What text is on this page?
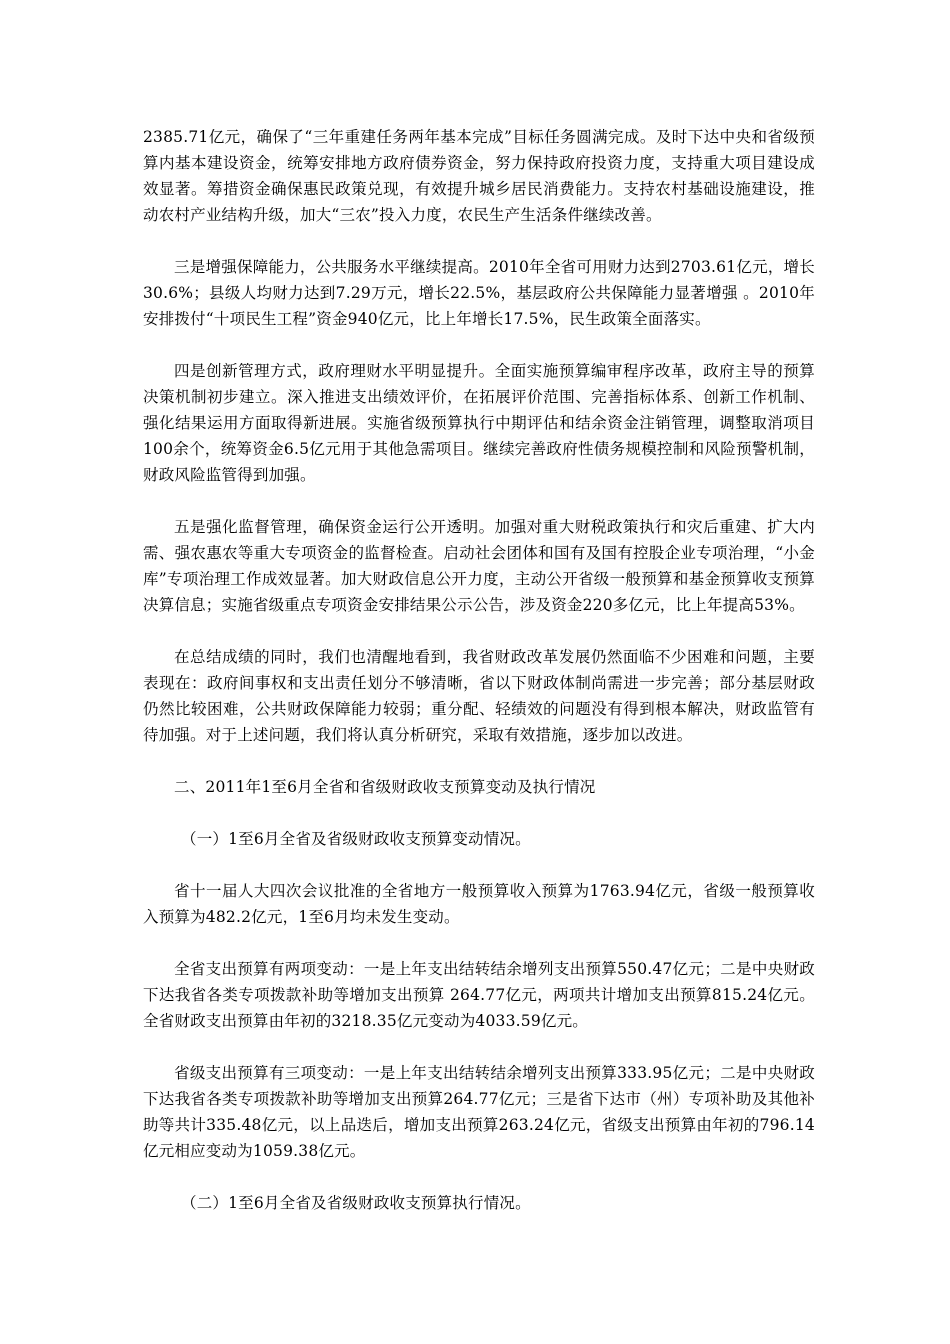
2385.71亿元，确保了“三年重建任务两年基本完成”目标任务圆满完成。及时下达中央和省级预算内基本建设资金，统筹安排地方政府债券资金，努力保持政府投资力度，支持重大项目建设成效显著。筹措资金确保惠民政策兑现，有效提升城乡居民消费能力。支持农村基础设施建设，推动农村产业结构升级，加大“三农”投入力度，农民生产生活条件继续改善。

三是增强保障能力，公共服务水平继续提高。2010年全省可用财力达到2703.61亿元，增长30.6%；县级人均财力达到7.29万元，增长22.5%，基层政府公共保障能力显著增强 。2010年安排拨付“十项民生工程”资金940亿元，比上年增长17.5%，民生政策全面落实。

四是创新管理方式，政府理财水平明显提升。全面实施预算编审程序改革，政府主导的预算决策机制初步建立。深入推进支出绩效评价，在拓展评价范围、完善指标体系、创新工作机制、强化结果运用方面取得新进展。实施省级预算执行中期评估和结余资金注销管理，调整取消项目100余个，统筹资金6.5亿元用于其他急需项目。继续完善政府性债务规模控制和风险预警机制，财政风险监管得到加强。

五是强化监督管理，确保资金运行公开透明。加强对重大财税政策执行和灾后重建、扩大内需、强农惠农等重大专项资金的监督检查。启动社会团体和国有及国有控股企业专项治理，“小金库”专项治理工作成效显著。加大财政信息公开力度，主动公开省级一般预算和基金预算收支预算决算信息；实施省级重点专项资金安排结果公示公告，涉及资金220多亿元，比上年提高53%。

在总结成绩的同时，我们也清醒地看到，我省财政改革发展仍然面临不少困难和问题，主要表现在：政府间事权和支出责任划分不够清晰，省以下财政体制尚需进一步完善；部分基层财政仍然比较困难，公共财政保障能力较弱；重分配、轻绩效的问题没有得到根本解决，财政监管有待加强。对于上述问题，我们将认真分析研究，采取有效措施，逐步加以改进。

二、2011年1至6月全省和省级财政收支预算变动及执行情况

（一）1至6月全省及省级财政收支预算变动情况。

省十一届人大四次会议批准的全省地方一般预算收入预算为1763.94亿元，省级一般预算收入预算为482.2亿元，1至6月均未发生变动。

全省支出预算有两项变动：一是上年支出结转结余增列支出预算550.47亿元；二是中央财政下达我省各类专项拨款补助等增加支出预算 264.77亿元，两项共计增加支出预算815.24亿元。全省财政支出预算由年初的3218.35亿元变动为4033.59亿元。

省级支出预算有三项变动：一是上年支出结转结余增列支出预算333.95亿元；二是中央财政下达我省各类专项拨款补助等增加支出预算264.77亿元；三是省下达市（州）专项补助及其他补助等共计335.48亿元，以上品迭后，增加支出预算263.24亿元，省级支出预算由年初的796.14亿元相应变动为1059.38亿元。

（二）1至6月全省及省级财政收支预算执行情况。
